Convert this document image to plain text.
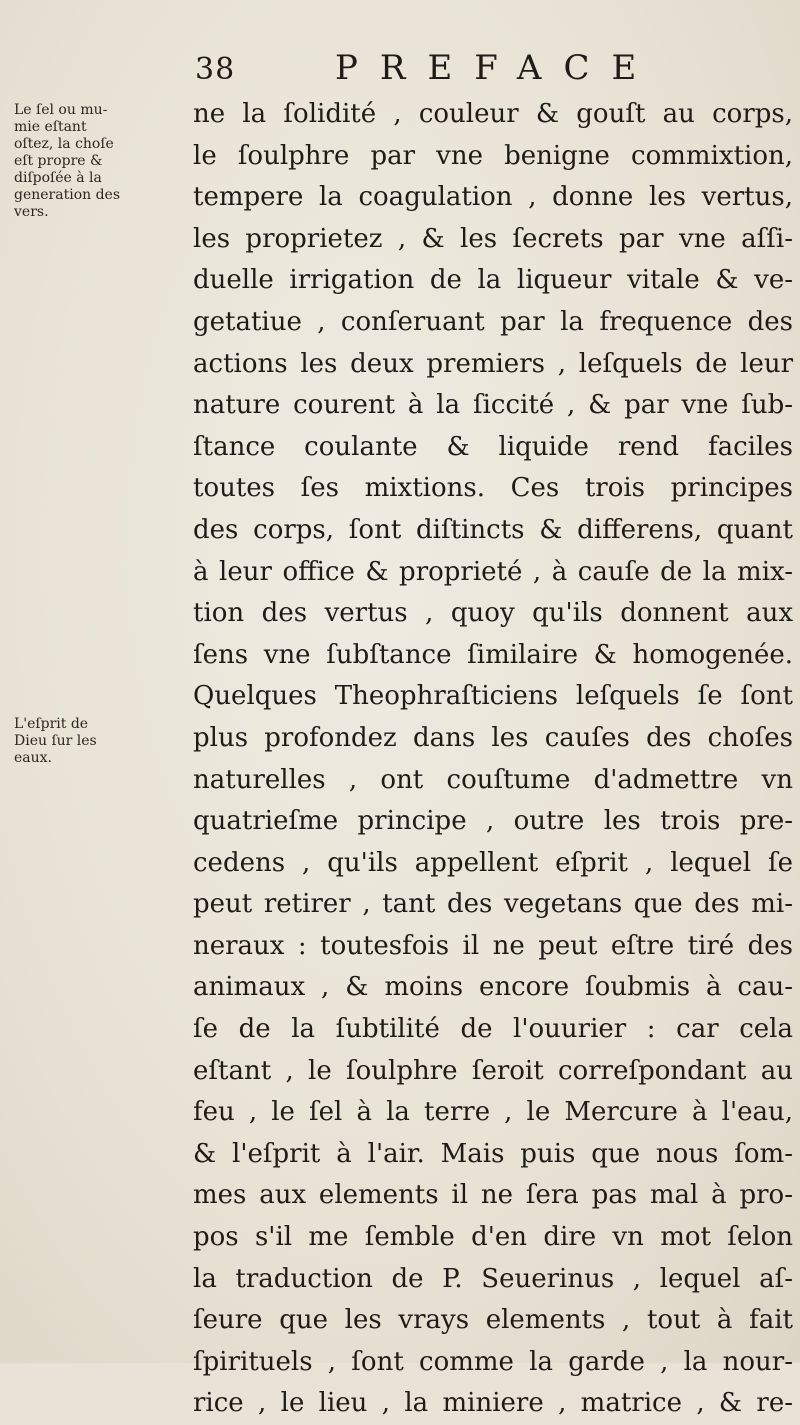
38	PREFACE
Le ſel ou mu-
mie eſtant
oſtez, la choſe
eſt propre &
diſpoſée à la
generation des
vers.
L'eſprit de
Dieu ſur les
eaux.
ne la ſolidité , couleur & gouſt au corps,
le ſoulphre par vne benigne commixtion,
tempere la coagulation , donne les vertus,
les proprietez , & les ſecrets par vne aſſi-
duelle irrigation de la liqueur vitale & ve-
getatiue , conſeruant par la frequence des
actions les deux premiers , leſquels de leur
nature courent à la ſiccité , & par vne ſub-
ſtance coulante & liquide rend faciles
toutes ſes mixtions. Ces trois principes
des corps, ſont diſtincts & differens, quant
à leur office & proprieté , à cauſe de la mix-
tion des vertus , quoy qu'ils donnent aux
ſens vne ſubſtance ſimilaire & homogenée.
Quelques Theophraſticiens leſquels ſe ſont
plus profondez dans les cauſes des choſes
naturelles , ont couſtume d'admettre vn
quatrieſme principe , outre les trois pre-
cedens , qu'ils appellent eſprit , lequel ſe
peut retirer , tant des vegetans que des mi-
neraux : toutesfois il ne peut eſtre tiré des
animaux , & moins encore ſoubmis à cau-
ſe de la ſubtilité de l'ouurier : car cela
eſtant , le ſoulphre ſeroit correſpondant au
feu , le ſel à la terre , le Mercure à l'eau,
& l'eſprit à l'air. Mais puis que nous ſom-
mes aux elements il ne ſera pas mal à pro-
pos s'il me ſemble d'en dire vn mot ſelon
la traduction de P. Seuerinus , lequel aſ-
ſeure que les vrays elements , tout à fait
ſpirituels , ſont comme la garde , la nour-
rice , le lieu , la miniere , matrice , & re-
